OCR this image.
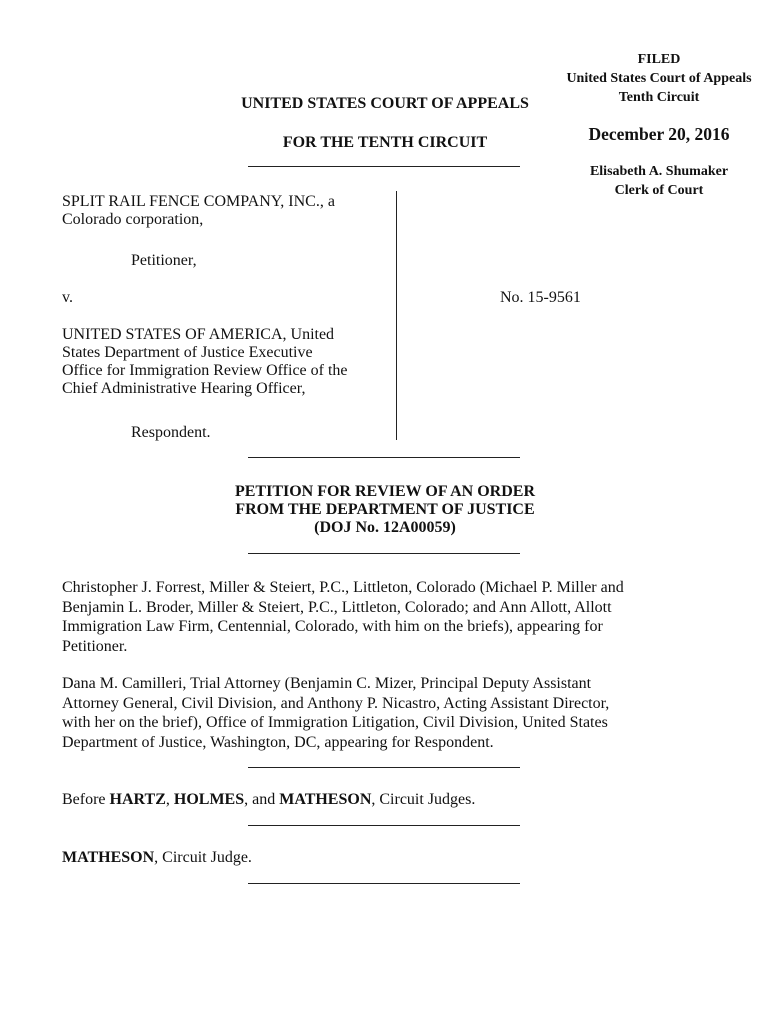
FILED
United States Court of Appeals
Tenth Circuit
December 20, 2016
Elisabeth A. Shumaker
Clerk of Court
UNITED STATES COURT OF APPEALS
FOR THE TENTH CIRCUIT
SPLIT RAIL FENCE COMPANY, INC., a
Colorado corporation,
Petitioner,
v.
UNITED STATES OF AMERICA, United
States Department of Justice Executive
Office for Immigration Review Office of the
Chief Administrative Hearing Officer,
Respondent.
No. 15-9561
PETITION FOR REVIEW OF AN ORDER
FROM THE DEPARTMENT OF JUSTICE
(DOJ No. 12A00059)
Christopher J. Forrest, Miller & Steiert, P.C., Littleton, Colorado (Michael P. Miller and
Benjamin L. Broder, Miller & Steiert, P.C., Littleton, Colorado; and Ann Allott, Allott
Immigration Law Firm, Centennial, Colorado, with him on the briefs), appearing for
Petitioner.
Dana M. Camilleri, Trial Attorney (Benjamin C. Mizer, Principal Deputy Assistant
Attorney General, Civil Division, and Anthony P. Nicastro, Acting Assistant Director,
with her on the brief), Office of Immigration Litigation, Civil Division, United States
Department of Justice, Washington, DC, appearing for Respondent.
Before HARTZ, HOLMES, and MATHESON, Circuit Judges.
MATHESON, Circuit Judge.
